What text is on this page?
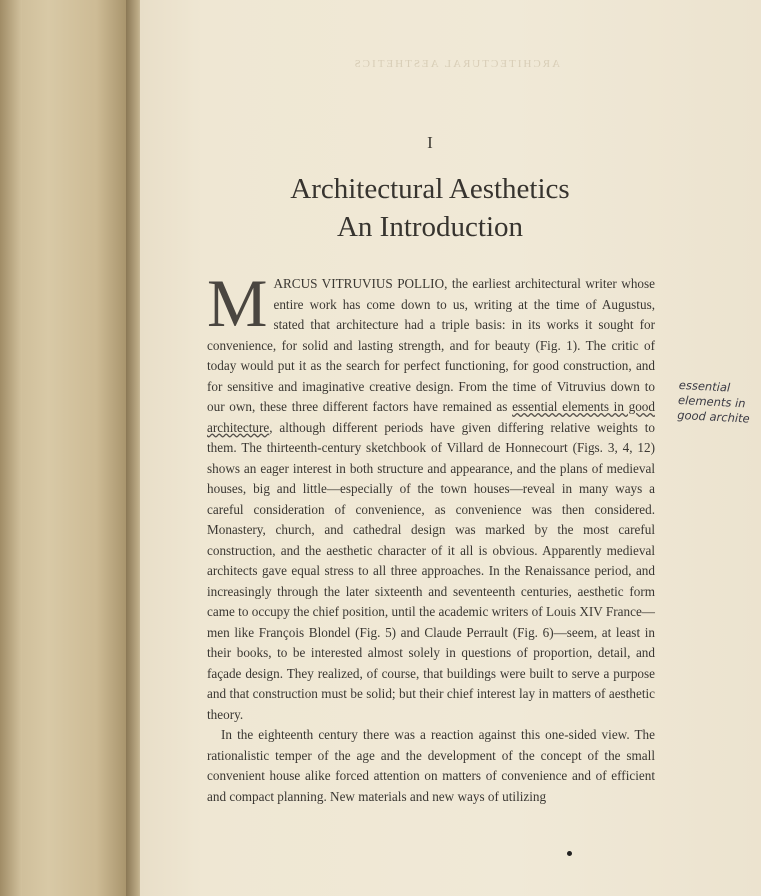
ARCHITECTURAL AESTHETICS
I
Architectural Aesthetics
An Introduction

MARCUS VITRUVIUS POLLIO, the earliest architectural writer whose entire work has come down to us, writing at the time of Augustus, stated that architecture had a triple basis: in its works it sought for convenience, for solid and lasting strength, and for beauty (Fig. 1). The critic of today would put it as the search for perfect functioning, for good construction, and for sensitive and imaginative creative design. From the time of Vitruvius down to our own, these three different factors have remained as essential elements in good architecture, although different periods have given differing relative weights to them. The thirteenth-century sketchbook of Villard de Honnecourt (Figs. 3, 4, 12) shows an eager interest in both structure and appearance, and the plans of medieval houses, big and little—especially of the town houses—reveal in many ways a careful consideration of convenience, as convenience was then considered. Monastery, church, and cathedral design was marked by the most careful construction, and the aesthetic character of it all is obvious. Apparently medieval architects gave equal stress to all three approaches. In the Renaissance period, and increasingly through the later sixteenth and seventeenth centuries, aesthetic form came to occupy the chief position, until the academic writers of Louis XIV France—men like François Blondel (Fig. 5) and Claude Perrault (Fig. 6)—seem, at least in their books, to be interested almost solely in questions of proportion, detail, and façade design. They realized, of course, that buildings were built to serve a purpose and that construction must be solid; but their chief interest lay in matters of aesthetic theory.

In the eighteenth century there was a reaction against this one-sided view. The rationalistic temper of the age and the development of the concept of the small convenient house alike forced attention on matters of convenience and of efficient and compact planning. New materials and new ways of utilizing

essential elements in good archite
